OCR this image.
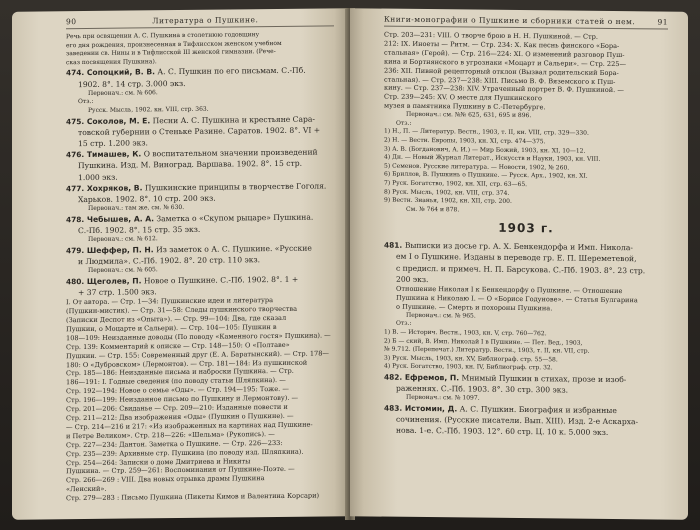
90	Литература о Пушкине.
Речь при освящении А. С. Пушкина в столетнюю годовщину
его дня рождения, произнесенная в Тифлисском женском учебном
заведении св. Нины и в Тифлисской III женской гимназии. (Рече-
сказ посвящения Пушкина).
474. Сопоцкий, В. В. А. С. Пушкин по его письмам. С.-Пб.
1902. 8°. 14 стр. 3.000 экз.
Первонач.: см. № 606.
Отз.:
Русск. Мысль, 1902, кн. VIII, стр. 363.
475. Соколов, М. Е. Песни А. С. Пушкина и крестьяне Сара-
товской губернии о Стеньке Разине. Саратов. 1902. 8°. VI +
15 стр. 1.200 экз.
476. Тимашев, К. О воспитательном значении произведений
Пушкина. Изд. М. Виноград. Варшава. 1902. 8°. 15 стр.
1.000 экз.
477. Хохряков, В. Пушкинские принципы в творчестве Гоголя.
Харьков. 1902. 8°. 10 стр. 200 экз.
Первонач.: там же, см. № 630.
478. Чебышев, А. А. Заметка о «Скупом рыцаре» Пушкина.
С.-Пб. 1902. 8°. 15 стр. 35 экз.
Первонач.: см. № 612.
479. Шеффер, П. Н. Из заметок о А. С. Пушкине. «Русские
и Людмила». С.-Пб. 1902. 8°. 20 стр. 110 экз.
Первонач.: см. № 605.
480. Щеголев, П. Новое о Пушкине. С.-Пб. 1902. 8°. 1 +
+ 37 стр. 1.500 экз.
I. От автора. — Стр. 1—34: Пушкинские идеи и литература
(Пушкин-мистик). — Стр. 31—58: Следы пушкинского творчества
(Записки Деспот из «Опыта»). — Стр. 99—104: Два, где сказал
Пушкин, о Моцарте и Сальери). — Стр. 104—105: Пушкин в
108—109: Неизданные доводы (По поводу «Каменного гостя» Пушкина). —
Стр. 139: Комментарий к описке — Стр. 148—150: О «Полтаве»
Пушкин. — Стр. 155: Современный друг (Е. А. Баратынский). — Стр. 178—
180: О «Дубровском» (Лермонтов). — Стр. 181—184: Из пушкинской
Стр. 185—186: Неизданные письма и наброски Пушкина. — Стр.
186—191: I. Годные сведения (по поводу статьи Шляпкина). —
Стр. 192—194: Новое о семье «Оды». — Стр. 194—195: Тоже. —
Стр. 196—199: Неизданное письмо по Пушкину и Лермонтову). —
Стр. 201—206: Свиданье — Стр. 209—210: Изданные повести и
Стр. 211—212: Два изображения «Оды» (Пушкин о Пушкине). —
— Стр. 214—216 и 217: «Из изображенных на картинах над Пушкине-
и Петре Великом». Стр. 218—226: «Шельма» (Рукопись). —
Стр. 227—234: Дантон. Заметка о Пушкине. — Стр. 226—233:
Стр. 235—239: Архивные стр. Пушкина (по поводу изд. Шляпкина).
Стр. 254—264: Записки о доме Дмитриева и Никиты
Пушкина. — Стр. 259—261: Воспоминания от Пушкине-Поэте. —
Стр. 266—269 : VIII. Два новых отрывка драмы Пушкина
«Ленский».
Стр. 279—283 : Письмо Пушкина (Пикеты Кимов и Валентина Корсари)
Книги-монографии о Пушкине и сборники статей о нем.	91
Стр. 203—231: VIII. О творче брою в Н. Н. Пушкиной. — Стр.
212: IX. Иноеты — Ритм. — Стр. 234: Х. Как песнь финского «Бора-
стальная» (Герой). — Стр. 216—224: XI. О изменений разговор Пуш-
кина и Бортнянского в угрознаки «Моцарт и Сальери». — Стр. 225—
236: XII. Пивной рецепторный отклон (Вызвал родительский Бора-
стальная). — Стр. 237—238: XIII. Письмо В. Ф. Вяземского к Пуш-
кину. — Стр. 237—238: XIV. Утраченный портрет В. Ф. Пушкиной. —
Стр. 239—245: XV. О месте для Пушкинского
музея в памятника Пушкину в С.-Петербурге.
Первонач.: см. №№ 625, 631, 695 и 896.
Отз.:
1) Н., П. — Литератур. Вестн., 1903, т. II, кн. VIII, стр. 329—330.
2) Н. — Вестн. Европы, 1903, кн. XI, стр. 474—375.
3) А. В. (Богданович, А. И.) — Мир Божий, 1903, кн. XI, 10—12.
4) Дн. — Новый Журнал Литерат., Искусств и Науки, 1903, кн. VIII.
5) Семенов. Русские литература. — Новости, 1902, № 260.
6) Бриллов, В. Пушкинь о Пушкине. — Русск. Арх., 1902, кн. XI.
7) Руск. Богатство, 1902, кн. XII, стр. 63—65.
8) Руск. Мысль, 1902, кн. VIII, стр. 374.
9) Вестн. Знанья, 1902, кн. XII, стр. 200.
См. № 764 и 878.
1903 г.
481. Выписки из досье гр. А. Х. Бенкендорфа и Имп. Никола-
ем I о Пушкине. Изданы в переводе гр. Е. П. Шереметевой,
с предисл. и примеч. Н. П. Барсукова. С.-Пб. 1903. 8°. 23 стр.
200 экз.
Отношение Николая I к Бенкендорфу о Пушкине. — Отношение
Пушкина к Николаю I. — О «Борисе Годунове». — Статья Булгарина
о Пушкине. — Смерть и похороны Пушкина.
Первонач.: см. № 965.
Отз.:
1) В. — Историч. Вестн., 1903, кн. V, стр. 760—762.
2) Б — ский, В. Имп. Николай I в Пушкине. — Пет. Вед., 1903,
№ 9.712. (Перепечат.) Литератур. Вестн., 1903, т. II, кн. VII, стр.
3) Руск. Мысль, 1903, кн. XV, Библиограф. стр. 55—58.
4) Руск. Богатство, 1903, кн. IV, Библиограф. стр. 32.
482. Ефремов, П. Мнимый Пушкин в стихах, прозе и изоб-
раженнях. С.-Пб. 1903. 8°. 30 стр. 300 экз.
Первонач.: см. № 1097.
483. Истомин, Д. А. С. Пушкин. Биография и избранные
сочинения. (Русские писатели. Вып. XIII). Изд. 2-е Аскарха-
нова. 1-е. С.-Пб. 1903. 12°. 60 стр. Ц. 10 к. 5.000 экз.
